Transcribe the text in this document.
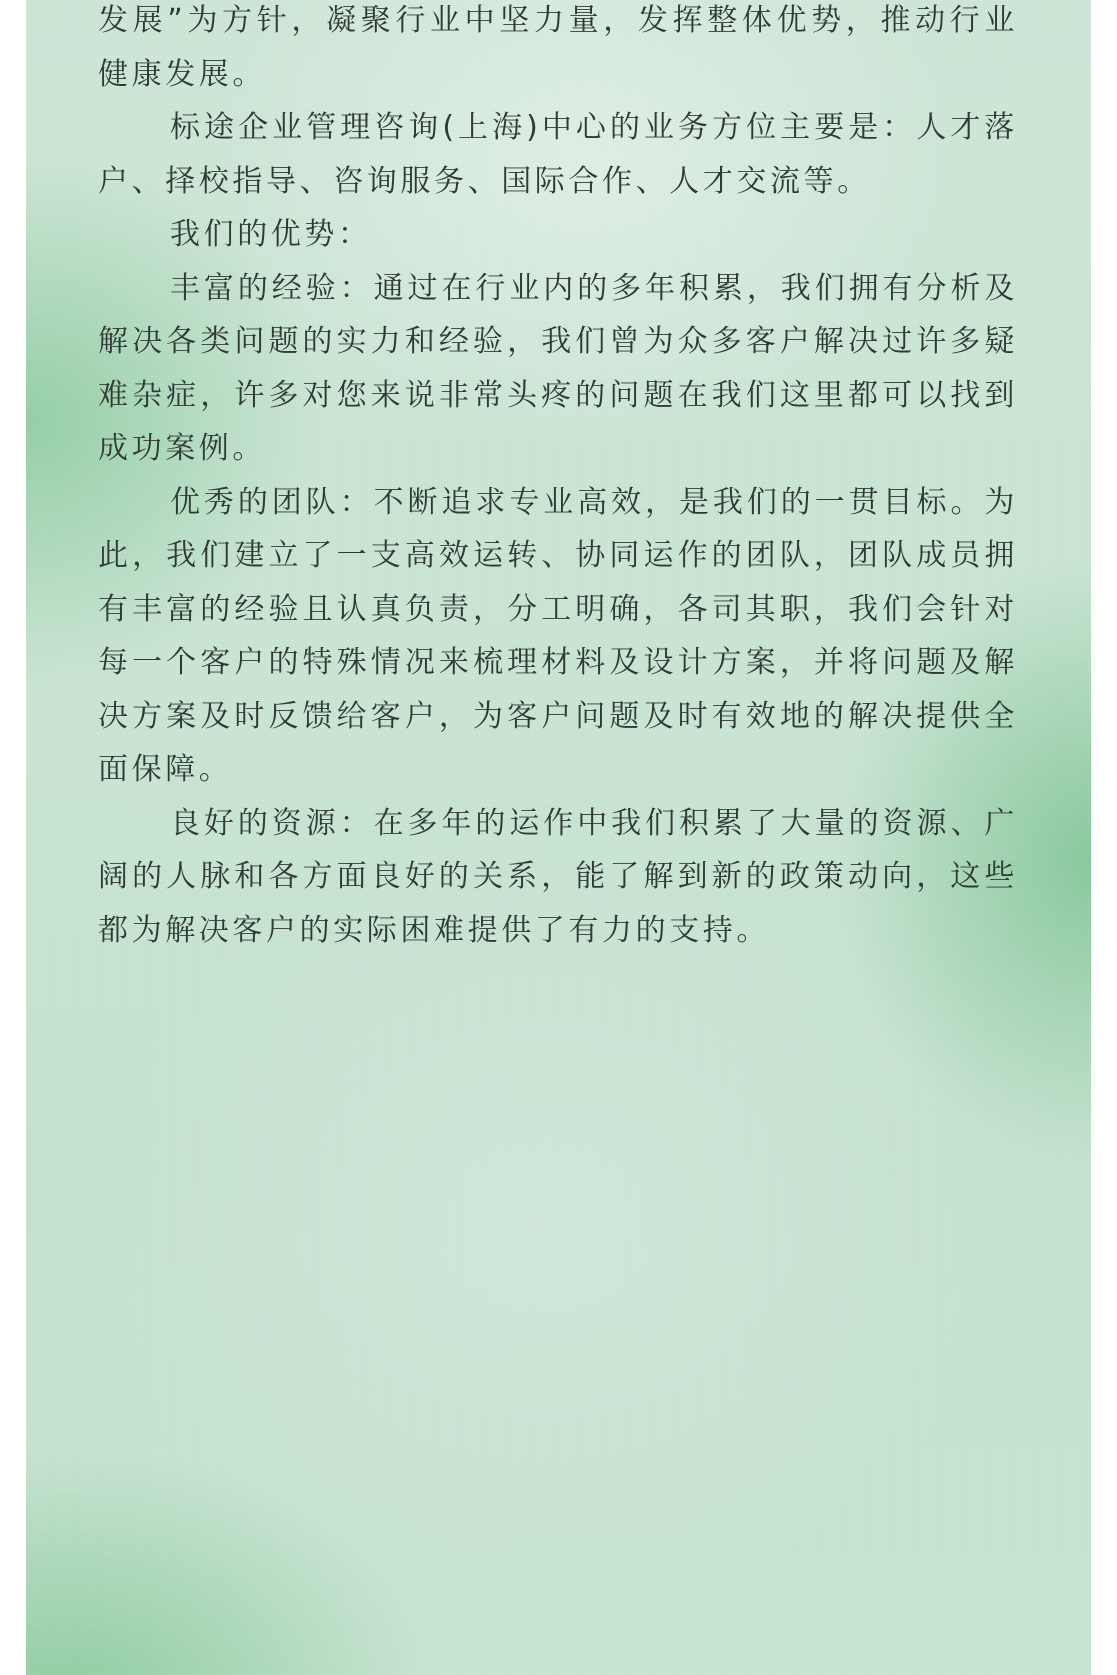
发展”为方针，凝聚行业中坚力量，发挥整体优势，推动行业健康发展。

标途企业管理咨询(上海)中心的业务方位主要是：人才落户、择校指导、咨询服务、国际合作、人才交流等。

我们的优势：

丰富的经验：通过在行业内的多年积累，我们拥有分析及解决各类问题的实力和经验，我们曾为众多客户解决过许多疑难杂症，许多对您来说非常头疼的问题在我们这里都可以找到成功案例。

优秀的团队：不断追求专业高效，是我们的一贯目标。为此，我们建立了一支高效运转、协同运作的团队，团队成员拥有丰富的经验且认真负责，分工明确，各司其职，我们会针对每一个客户的特殊情况来梳理材料及设计方案，并将问题及解决方案及时反馈给客户，为客户问题及时有效地的解决提供全面保障。

良好的资源：在多年的运作中我们积累了大量的资源、广阔的人脉和各方面良好的关系，能了解到新的政策动向，这些都为解决客户的实际困难提供了有力的支持。
